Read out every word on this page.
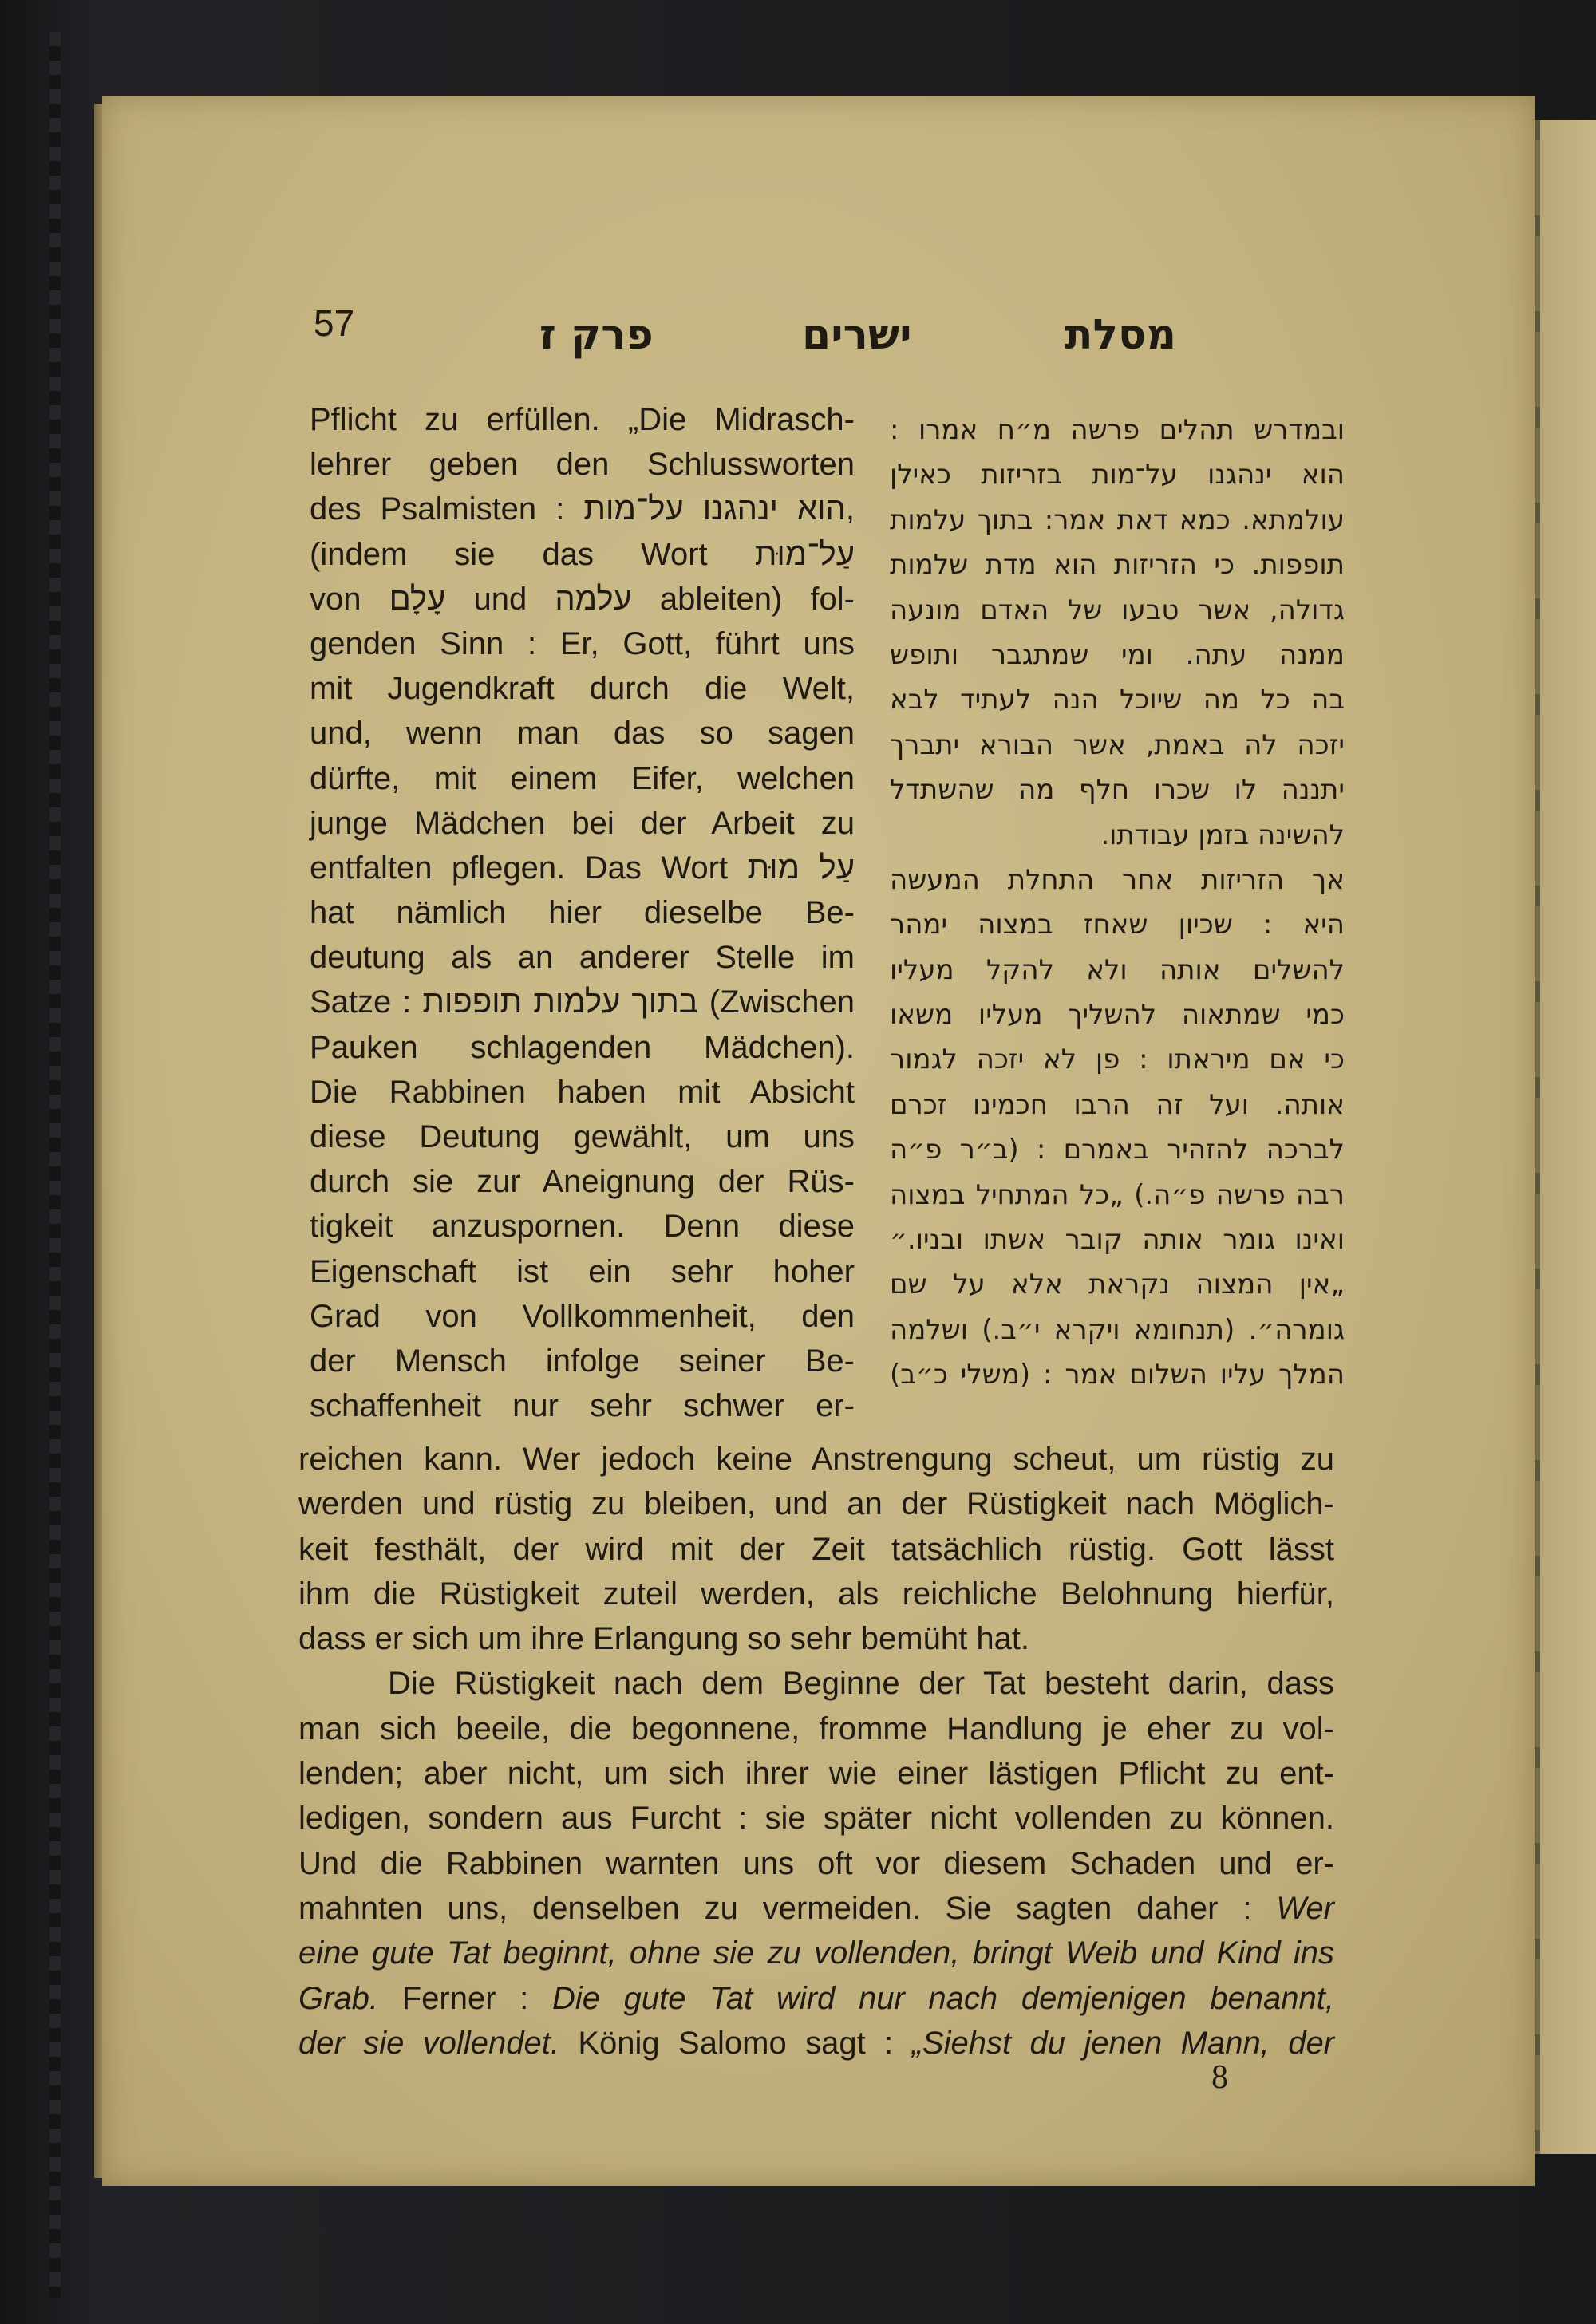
57	פרק ז	ישרים	מסלת
Pflicht zu erfüllen. „Die Midrasch-
lehrer geben den Schlussworten
des Psalmisten : הוא ינהגנו על־מות,
(indem sie das Wort עַל־מוּת
von עָלָם und עלמה ableiten) fol-
genden Sinn : Er, Gott, führt uns
mit Jugendkraft durch die Welt,
und, wenn man das so sagen
dürfte, mit einem Eifer, welchen
junge Mädchen bei der Arbeit zu
entfalten pflegen. Das Wort עַל מוּת
hat nämlich hier dieselbe Be-
deutung als an anderer Stelle im
Satze : בתוך עלמות תופפות (Zwischen
Pauken schlagenden Mädchen).
Die Rabbinen haben mit Absicht
diese Deutung gewählt, um uns
durch sie zur Aneignung der Rüs-
tigkeit anzuspornen. Denn diese
Eigenschaft ist ein sehr hoher
Grad von Vollkommenheit, den
der Mensch infolge seiner Be-
schaffenheit nur sehr schwer er-
ובמדרש תהלים פרשה מ״ח אמרו :
הוא ינהגנו על־מות בזריזות כאילן
עולמתא. כמא דאת אמר: בתוך עלמות
תופפות. כי הזריזות הוא מדת שלמות
גדולה, אשר טבעו של האדם מונעה
ממנה עתה. ומי שמתגבר ותופש
בה כל מה שיוכל הנה לעתיד לבא
יזכה לה באמת, אשר הבורא יתברך
יתננה לו שכרו חלף מה שהשתדל
להשינה בזמן עבודתו.
אך הזריזות אחר התחלת המעשה
היא : שכיון שאחז במצוה ימהר
להשלים אותה ולא להקל מעליו
כמי שמתאוה להשליך מעליו משאו
כי אם מיראתו : פן לא יזכה לגמור
אותה. ועל זה הרבו חכמינו זכרם
לברכה להזהיר באמרם : (ב״ר פ״ה
רבה פרשה פ״ה.) „כל המתחיל במצוה
ואינו גומר אותה קובר אשתו ובניו.״
„אין המצוה נקראת אלא על שם
גומרה״. (תנחומא ויקרא י״ב.) ושלמה
המלך עליו השלום אמר : (משלי כ״ב)
reichen kann. Wer jedoch keine Anstrengung scheut, um rüstig zu
werden und rüstig zu bleiben, und an der Rüstigkeit nach Möglich-
keit festhält, der wird mit der Zeit tatsächlich rüstig. Gott lässt
ihm die Rüstigkeit zuteil werden, als reichliche Belohnung hierfür,
dass er sich um ihre Erlangung so sehr bemüht hat.
Die Rüstigkeit nach dem Beginne der Tat besteht darin, dass
man sich beeile, die begonnene, fromme Handlung je eher zu vol-
lenden; aber nicht, um sich ihrer wie einer lästigen Pflicht zu ent-
ledigen, sondern aus Furcht : sie später nicht vollenden zu können.
Und die Rabbinen warnten uns oft vor diesem Schaden und er-
mahnten uns, denselben zu vermeiden. Sie sagten daher : Wer
eine gute Tat beginnt, ohne sie zu vollenden, bringt Weib und Kind ins
Grab. Ferner : Die gute Tat wird nur nach demjenigen benannt,
der sie vollendet. König Salomo sagt : „Siehst du jenen Mann, der
8
